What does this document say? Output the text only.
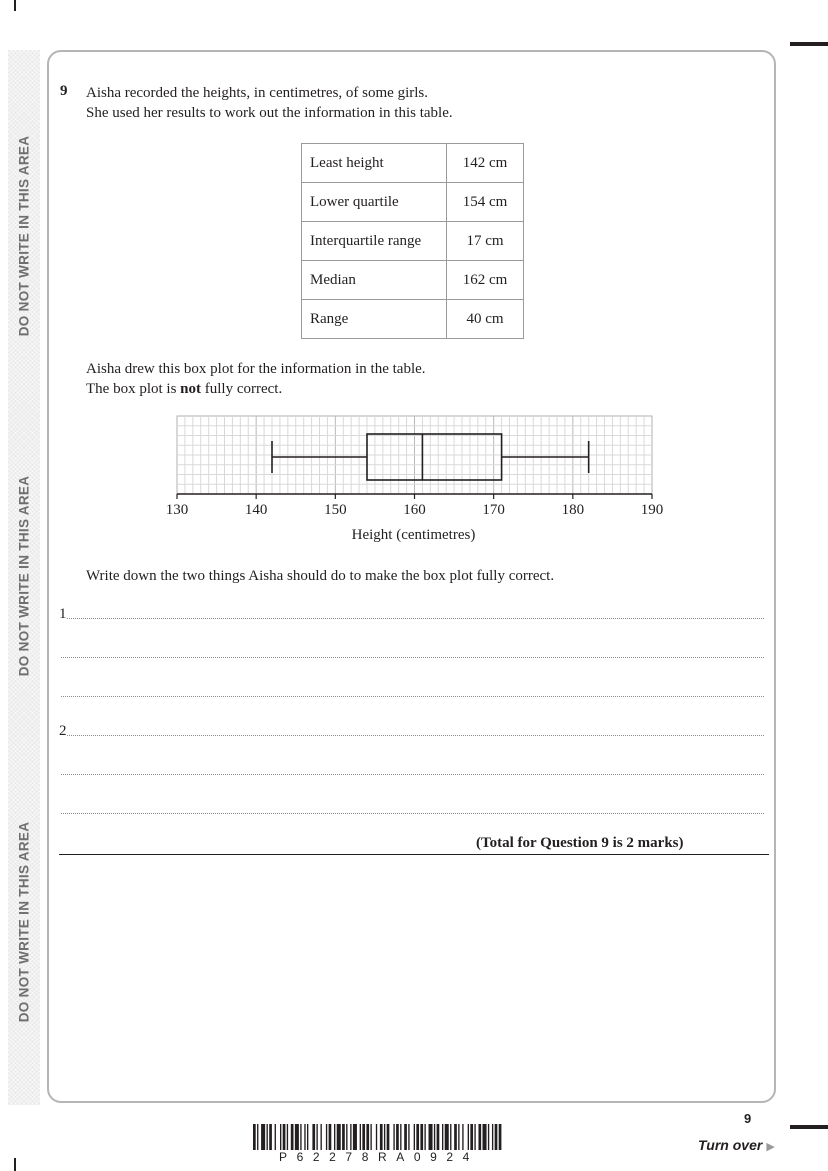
DO NOT WRITE IN THIS AREA
DO NOT WRITE IN THIS AREA
DO NOT WRITE IN THIS AREA
9 Aisha recorded the heights, in centimetres, of some girls.
She used her results to work out the information in this table.
Least height	142 cm
Lower quartile	154 cm
Interquartile range	17 cm
Median	162 cm
Range	40 cm
Aisha drew this box plot for the information in the table.
The box plot is not fully correct.
130	140	150	160	170	180	190
Height (centimetres)
Write down the two things Aisha should do to make the box plot fully correct.
1
2
(Total for Question 9 is 2 marks)
P62278RA0924
9
Turn over ▶
